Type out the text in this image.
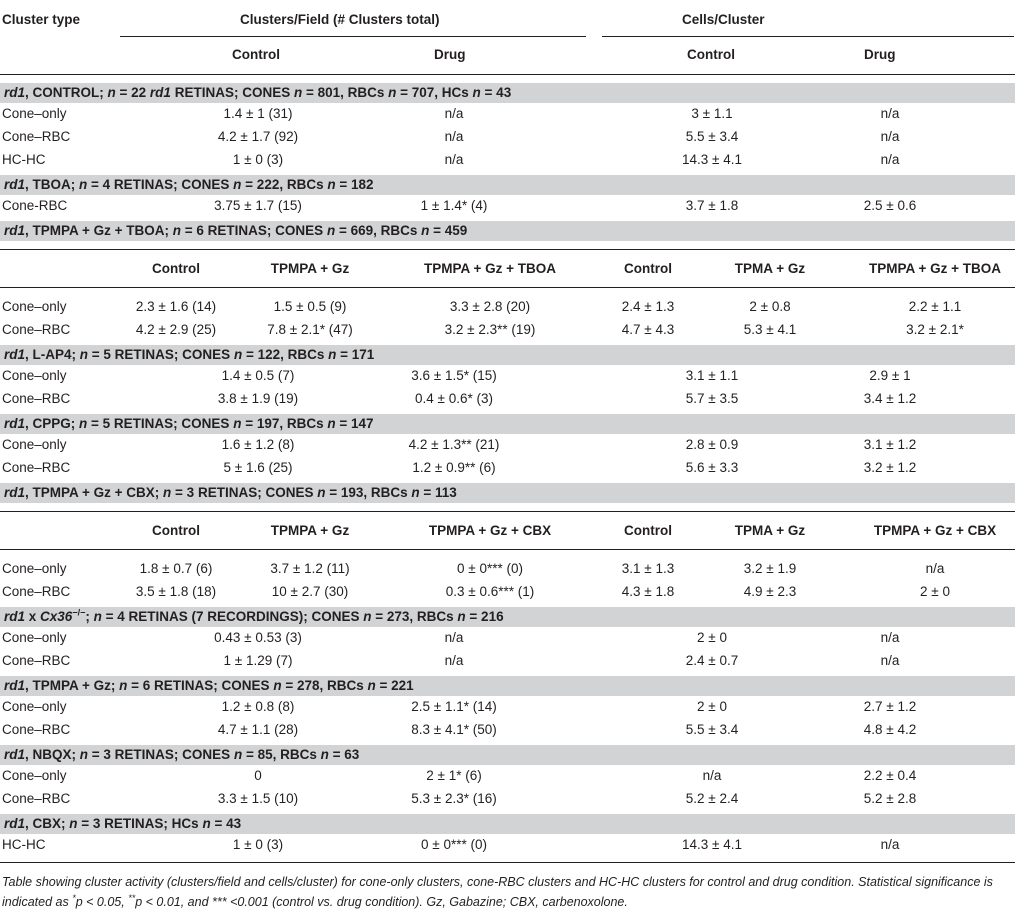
Cluster type	Clusters/Field (# Clusters total)	Cells/Cluster
Control	Drug	Control	Drug
rd1, CONTROL; n = 22 rd1 RETINAS; CONES n = 801, RBCs n = 707, HCs n = 43
Cone–only	1.4 ± 1 (31)	n/a	3 ± 1.1	n/a
Cone–RBC	4.2 ± 1.7 (92)	n/a	5.5 ± 3.4	n/a
HC-HC	1 ± 0 (3)	n/a	14.3 ± 4.1	n/a
rd1, TBOA; n = 4 RETINAS; CONES n = 222, RBCs n = 182
Cone-RBC	3.75 ± 1.7 (15)	1 ± 1.4* (4)	3.7 ± 1.8	2.5 ± 0.6
rd1, TPMPA + Gz + TBOA; n = 6 RETINAS; CONES n = 669, RBCs n = 459
Control	TPMPA + Gz	TPMPA + Gz + TBOA	Control	TPMA + Gz	TPMPA + Gz + TBOA
Cone–only	2.3 ± 1.6 (14)	1.5 ± 0.5 (9)	3.3 ± 2.8 (20)	2.4 ± 1.3	2 ± 0.8	2.2 ± 1.1
Cone–RBC	4.2 ± 2.9 (25)	7.8 ± 2.1* (47)	3.2 ± 2.3** (19)	4.7 ± 4.3	5.3 ± 4.1	3.2 ± 2.1*
rd1, L-AP4; n = 5 RETINAS; CONES n = 122, RBCs n = 171
Cone–only	1.4 ± 0.5 (7)	3.6 ± 1.5* (15)	3.1 ± 1.1	2.9 ± 1
Cone–RBC	3.8 ± 1.9 (19)	0.4 ± 0.6* (3)	5.7 ± 3.5	3.4 ± 1.2
rd1, CPPG; n = 5 RETINAS; CONES n = 197, RBCs n = 147
Cone–only	1.6 ± 1.2 (8)	4.2 ± 1.3** (21)	2.8 ± 0.9	3.1 ± 1.2
Cone–RBC	5 ± 1.6 (25)	1.2 ± 0.9** (6)	5.6 ± 3.3	3.2 ± 1.2
rd1, TPMPA + Gz + CBX; n = 3 RETINAS; CONES n = 193, RBCs n = 113
Control	TPMPA + Gz	TPMPA + Gz + CBX	Control	TPMA + Gz	TPMPA + Gz + CBX
Cone–only	1.8 ± 0.7 (6)	3.7 ± 1.2 (11)	0 ± 0*** (0)	3.1 ± 1.3	3.2 ± 1.9	n/a
Cone–RBC	3.5 ± 1.8 (18)	10 ± 2.7 (30)	0.3 ± 0.6*** (1)	4.3 ± 1.8	4.9 ± 2.3	2 ± 0
rd1 x Cx36−/−; n = 4 RETINAS (7 RECORDINGS); CONES n = 273, RBCs n = 216
Cone–only	0.43 ± 0.53 (3)	n/a	2 ± 0	n/a
Cone–RBC	1 ± 1.29 (7)	n/a	2.4 ± 0.7	n/a
rd1, TPMPA + Gz; n = 6 RETINAS; CONES n = 278, RBCs n = 221
Cone–only	1.2 ± 0.8 (8)	2.5 ± 1.1* (14)	2 ± 0	2.7 ± 1.2
Cone–RBC	4.7 ± 1.1 (28)	8.3 ± 4.1* (50)	5.5 ± 3.4	4.8 ± 4.2
rd1, NBQX; n = 3 RETINAS; CONES n = 85, RBCs n = 63
Cone–only	0	2 ± 1* (6)	n/a	2.2 ± 0.4
Cone–RBC	3.3 ± 1.5 (10)	5.3 ± 2.3* (16)	5.2 ± 2.4	5.2 ± 2.8
rd1, CBX; n = 3 RETINAS; HCs n = 43
HC-HC	1 ± 0 (3)	0 ± 0*** (0)	14.3 ± 4.1	n/a
Table showing cluster activity (clusters/field and cells/cluster) for cone-only clusters, cone-RBC clusters and HC-HC clusters for control and drug condition. Statistical significance is indicated as *p < 0.05, **p < 0.01, and *** <0.001 (control vs. drug condition). Gz, Gabazine; CBX, carbenoxolone.
